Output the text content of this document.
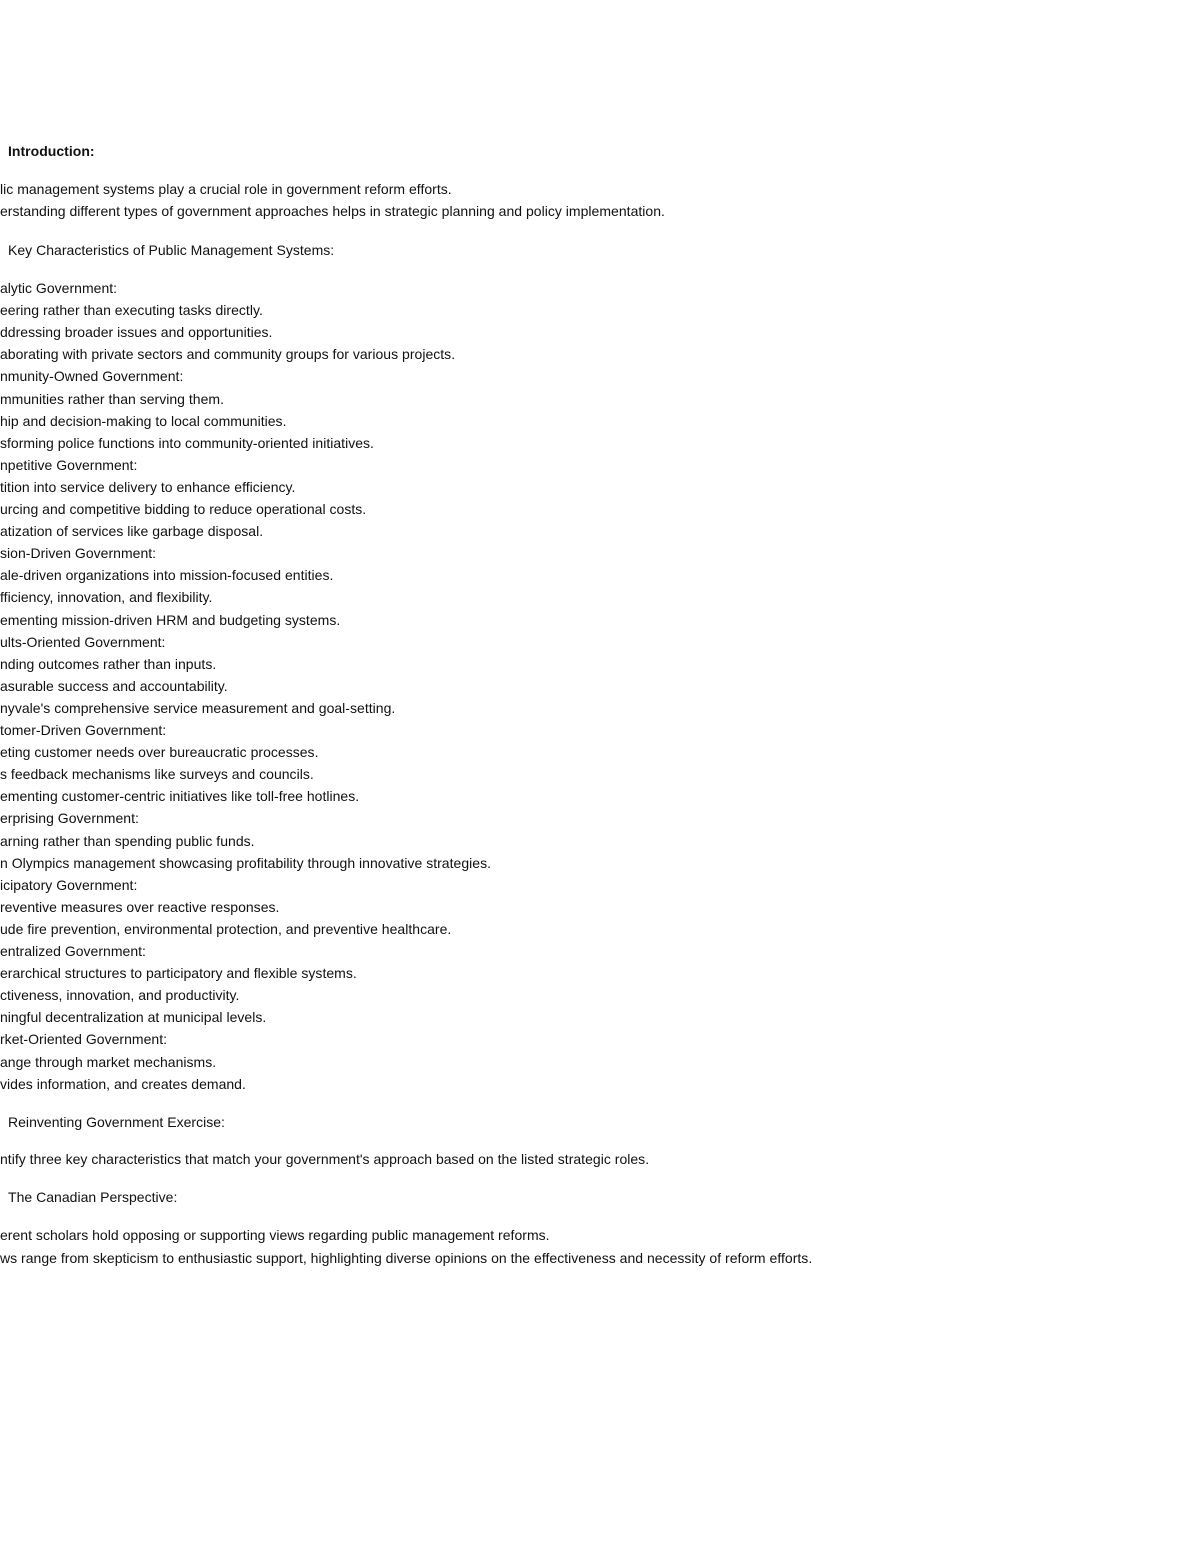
Introduction:
lic management systems play a crucial role in government reform efforts.
erstanding different types of government approaches helps in strategic planning and policy implementation.
Key Characteristics of Public Management Systems:
alytic Government:
eering rather than executing tasks directly.
ddressing broader issues and opportunities.
aborating with private sectors and community groups for various projects.
nmunity-Owned Government:
mmunities rather than serving them.
hip and decision-making to local communities.
sforming police functions into community-oriented initiatives.
npetitive Government:
tition into service delivery to enhance efficiency.
urcing and competitive bidding to reduce operational costs.
atization of services like garbage disposal.
sion-Driven Government:
ale-driven organizations into mission-focused entities.
fficiency, innovation, and flexibility.
ementing mission-driven HRM and budgeting systems.
ults-Oriented Government:
nding outcomes rather than inputs.
asurable success and accountability.
nyvale's comprehensive service measurement and goal-setting.
tomer-Driven Government:
eting customer needs over bureaucratic processes.
s feedback mechanisms like surveys and councils.
ementing customer-centric initiatives like toll-free hotlines.
erprising Government:
arning rather than spending public funds.
n Olympics management showcasing profitability through innovative strategies.
icipatory Government:
reventive measures over reactive responses.
ude fire prevention, environmental protection, and preventive healthcare.
entralized Government:
erarchical structures to participatory and flexible systems.
ctiveness, innovation, and productivity.
ningful decentralization at municipal levels.
rket-Oriented Government:
ange through market mechanisms.
vides information, and creates demand.
Reinventing Government Exercise:
ntify three key characteristics that match your government's approach based on the listed strategic roles.
The Canadian Perspective:
erent scholars hold opposing or supporting views regarding public management reforms.
ws range from skepticism to enthusiastic support, highlighting diverse opinions on the effectiveness and necessity of reform efforts.
